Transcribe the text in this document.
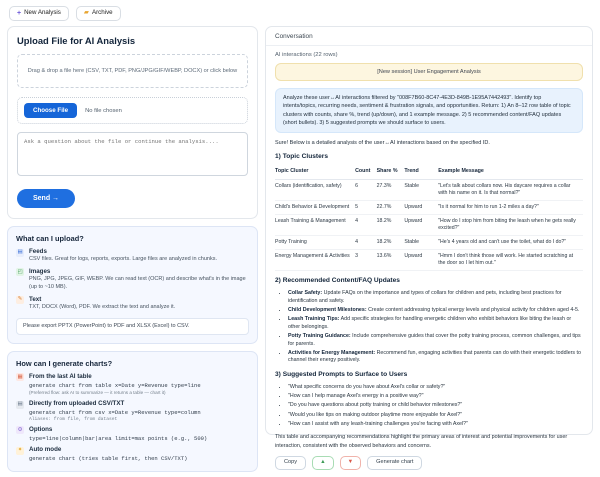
+ New Analysis	▰ Archive
Upload File for AI Analysis
Drag & drop a file here (CSV, TXT, PDF, PNG/JPG/GIF/WEBP, DOCX) or click below
Choose File	No file chosen
Ask a question about the file or continue the analysis....
Send →
What can I upload?
▤ Feeds
CSV files. Great for logs, reports, exports. Large files are analyzed in chunks.
◰ Images
PNG, JPG, JPEG, GIF, WEBP. We can read text (OCR) and describe what's in the image (up to ~10 MB).
✎ Text
TXT, DOCX (Word), PDF. We extract the text and analyze it.
Please export PPTX (PowerPoint) to PDF and XLSX (Excel) to CSV.
How can I generate charts?
▦ From the last AI table
generate chart from table x=Date y=Revenue type=line
(Preferred flow: ask AI to summarize — it returns a table — chart it)
▤ Directly from uploaded CSV/TXT
generate chart from csv x=Date y=Revenue type=column
Aliases: from file, from dataset
⚙ Options
type=line|column|bar|area limit=max points (e.g., 500)
✦ Auto mode
generate chart (tries table first, then CSV/TXT)
Conversation
AI interactions (22 rows)
[New session] User Engagement Analysis
Analyze these user↔AI interactions filtered by "008F7B60-8C47-4E3D-849B-1E95A7442493". Identify top intents/topics, recurring needs, sentiment & frustration signals, and opportunities. Return: 1) An 8–12 row table of topic clusters with counts, share %, trend (up/down), and 1 example message. 2) 5 recommended content/FAQ updates (short bullets). 3) 5 suggested prompts we should surface to users.
Sure! Below is a detailed analysis of the user↔AI interactions based on the specified ID.
1) Topic Clusters
Topic Cluster	Count	Share %	Trend	Example Message
Collars (identification, safety)	6	27.3%	Stable	"Let's talk about collars now. His daycare requires a collar with his name on it. Is that normal?"
Child's Behavior & Development	5	22.7%	Upward	"Is it normal for him to run 1-2 miles a day?"
Leash Training & Management	4	18.2%	Upward	"How do I stop him from biting the leash when he gets really excited?"
Potty Training	4	18.2%	Stable	"He's 4 years old and can't use the toilet, what do I do?"
Energy Management & Activities	3	13.6%	Upward	"Hmm I don't think those will work. He started scratching at the door so I let him out."
2) Recommended Content/FAQ Updates
• Collar Safety: Update FAQs on the importance and types of collars for children and pets, including best practices for identification and safety.
• Child Development Milestones: Create content addressing typical energy levels and physical activity for children aged 4-5.
• Leash Training Tips: Add specific strategies for handling energetic children who exhibit behaviors like biting the leash or other belongings.
• Potty Training Guidance: Include comprehensive guides that cover the potty training process, common challenges, and tips for parents.
• Activities for Energy Management: Recommend fun, engaging activities that parents can do with their energetic toddlers to channel their energy positively.
3) Suggested Prompts to Surface to Users
• "What specific concerns do you have about Axel's collar or safety?"
• "How can I help manage Axel's energy in a positive way?"
• "Do you have questions about potty training or child behavior milestones?"
• "Would you like tips on making outdoor playtime more enjoyable for Axel?"
• "How can I assist with any leash-training challenges you're facing with Axel?"
This table and accompanying recommendations highlight the primary areas of interest and potential improvements for user interaction, consistent with the observed behaviors and concerns.
Copy	▲	▼	Generate chart
